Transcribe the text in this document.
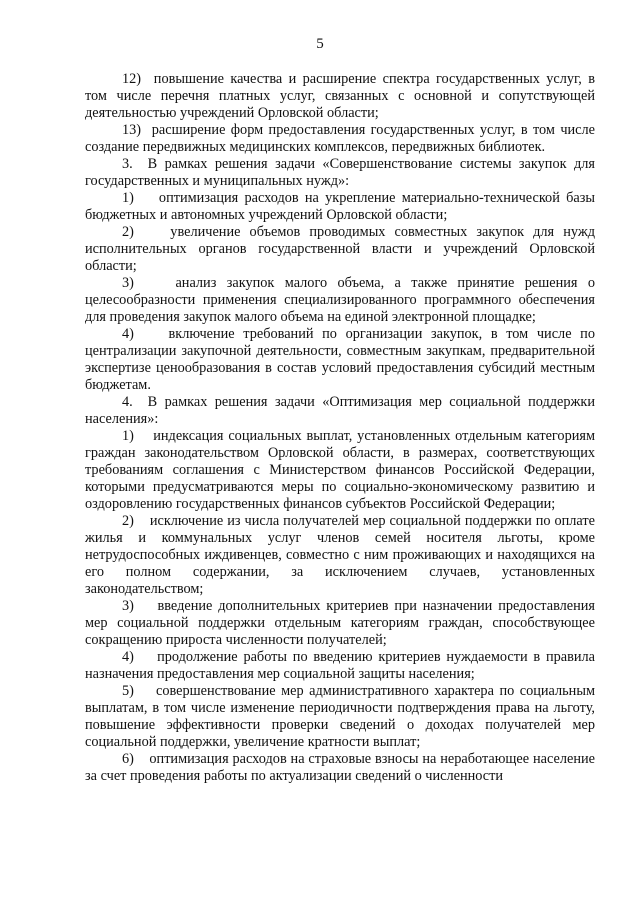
5

12)  повышение качества и расширение спектра государственных услуг, в том числе перечня платных услуг, связанных с основной и сопутствующей деятельностью учреждений Орловской области;

13)  расширение форм предоставления государственных услуг, в том числе создание передвижных медицинских комплексов, передвижных библиотек.

3.  В рамках решения задачи «Совершенствование системы закупок для государственных и муниципальных нужд»:

1)    оптимизация расходов на укрепление материально-технической базы бюджетных и автономных учреждений Орловской области;

2)    увеличение объемов проводимых совместных закупок для нужд исполнительных органов государственной власти и учреждений Орловской области;

3)    анализ закупок малого объема, а также принятие решения о целесообразности применения специализированного программного обеспечения для проведения закупок малого объема на единой электронной площадке;

4)    включение требований по организации закупок, в том числе по централизации закупочной деятельности, совместным закупкам, предварительной экспертизе ценообразования в состав условий предоставления субсидий местным бюджетам.

4.  В рамках решения задачи «Оптимизация мер социальной поддержки населения»:

1)    индексация социальных выплат, установленных отдельным категориям граждан законодательством Орловской области, в размерах, соответствующих требованиям соглашения с Министерством финансов Российской Федерации, которыми предусматриваются меры по социально-экономическому развитию и оздоровлению государственных финансов субъектов Российской Федерации;

2)    исключение из числа получателей мер социальной поддержки по оплате жилья и коммунальных услуг членов семей носителя льготы, кроме нетрудоспособных иждивенцев, совместно с ним проживающих и находящихся на его полном содержании, за исключением случаев, установленных законодательством;

3)    введение дополнительных критериев при назначении предоставления мер социальной поддержки отдельным категориям граждан, способствующее сокращению прироста численности получателей;

4)    продолжение работы по введению критериев нуждаемости в правила назначения предоставления мер социальной защиты населения;

5)    совершенствование мер административного характера по социальным выплатам, в том числе изменение периодичности подтверждения права на льготу, повышение эффективности проверки сведений о доходах получателей мер социальной поддержки, увеличение кратности выплат;

6)    оптимизация расходов на страховые взносы на неработающее население за счет проведения работы по актуализации сведений о численности
